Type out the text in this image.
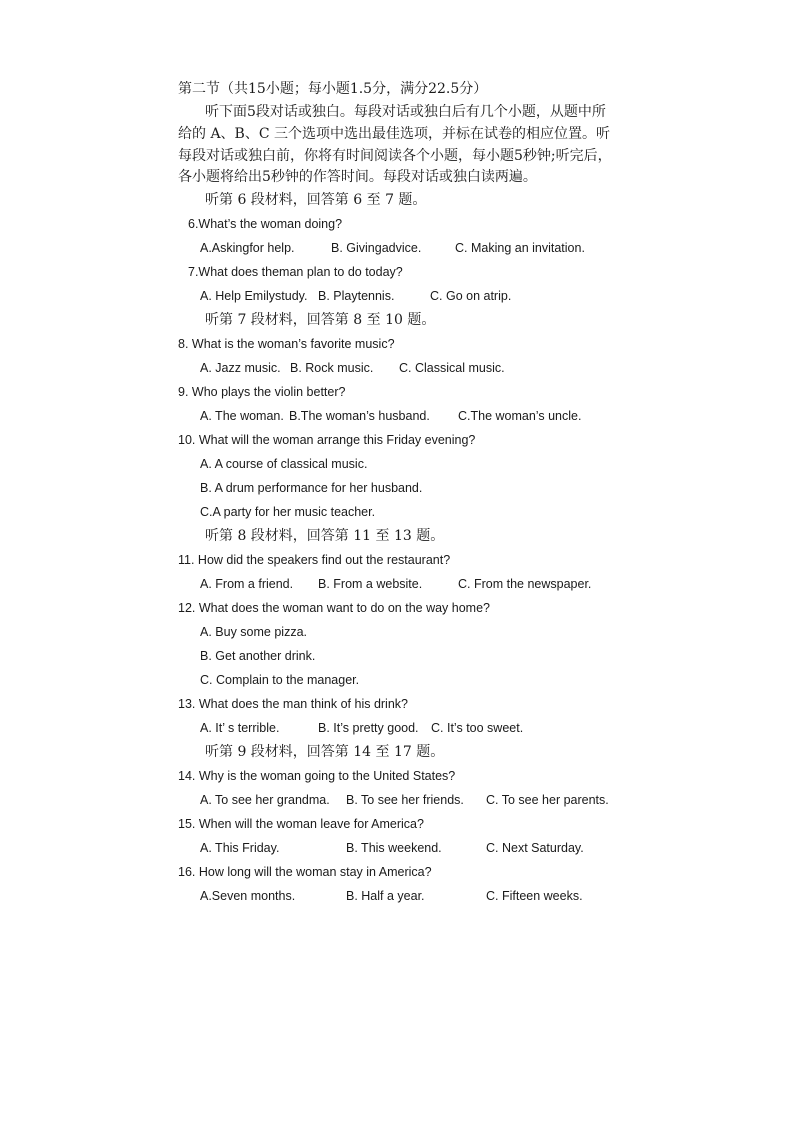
第二节（共15小题；每小题1.5分，满分22.5分）
听下面5段对话或独白。每段对话或独白后有几个小题，从题中所
给的 A、B、C 三个选项中选出最佳选项，并标在试卷的相应位置。听
每段对话或独白前，你将有时间阅读各个小题，每小题5秒钟;听完后，
各小题将给出5秒钟的作答时间。每段对话或独白读两遍。
听第 6 段材料，回答第 6 至 7 题。
6.What’s the woman doing?
A.Askingfor help.	B. Givingadvice.	C. Making an invitation.
7.What does theman plan to do today?
A. Help Emilystudy. B. Playtennis.	C. Go on atrip.
听第 7 段材料，回答第 8 至 10 题。
8. What is the woman’s favorite music?
A. Jazz music. B. Rock music. C. Classical music.
9. Who plays the violin better?
A. The woman. B.The woman’s husband. C.The woman’s uncle.
10. What will the woman arrange this Friday evening?
A. A course of classical music.
B. A drum performance for her husband.
C.A party for her music teacher.
听第 8 段材料，回答第 11 至 13 题。
11. How did the speakers find out the restaurant?
A. From a friend. B. From a website.	C. From the newspaper.
12. What does the woman want to do on the way home?
A. Buy some pizza.
B. Get another drink.
C. Complain to the manager.
13. What does the man think of his drink?
A. It’ s terrible.	B. It’s pretty good. C. It’s too sweet.
听第 9 段材料，回答第 14 至 17 题。
14. Why is the woman going to the United States?
A. To see her grandma. B. To see her friends. C. To see her parents.
15. When will the woman leave for America?
A. This Friday.	B. This weekend.	C. Next Saturday.
16. How long will the woman stay in America?
A.Seven months.	B. Half a year.	C. Fifteen weeks.
